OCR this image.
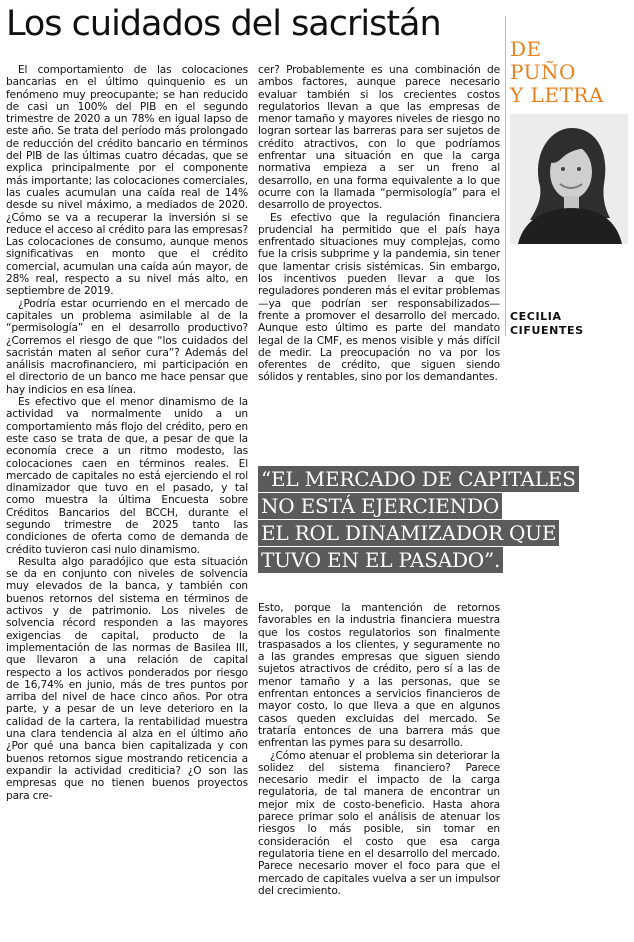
Los cuidados del sacristán

El comportamiento de las colocaciones bancarias en el último quinquenio es un fenómeno muy preocupante; se han reducido de casi un 100% del PIB en el segundo trimestre de 2020 a un 78% en igual lapso de este año. Se trata del período más prolongado de reducción del crédito bancario en términos del PIB de las últimas cuatro décadas, que se explica principalmente por el componente más importante; las colocaciones comerciales, las cuales acumulan una caída real de 14% desde su nivel máximo, a mediados de 2020. ¿Cómo se va a recuperar la inversión si se reduce el acceso al crédito para las empresas? Las colocaciones de consumo, aunque menos significativas en monto que el crédito comercial, acumulan una caída aún mayor, de 28% real, respecto a su nivel más alto, en septiembre de 2019.

¿Podría estar ocurriendo en el mercado de capitales un problema asimilable al de la “permisología” en el desarrollo productivo? ¿Corremos el riesgo de que “los cuidados del sacristán maten al señor cura”? Además del análisis macrofinanciero, mi participación en el directorio de un banco me hace pensar que hay indicios en esa línea.

Es efectivo que el menor dinamismo de la actividad va normalmente unido a un comportamiento más flojo del crédito, pero en este caso se trata de que, a pesar de que la economía crece a un ritmo modesto, las colocaciones caen en términos reales. El mercado de capitales no está ejerciendo el rol dinamizador que tuvo en el pasado, y tal como muestra la última Encuesta sobre Créditos Bancarios del BCCH, durante el segundo trimestre de 2025 tanto las condiciones de oferta como de demanda de crédito tuvieron casi nulo dinamismo.

Resulta algo paradójico que esta situación se da en conjunto con niveles de solvencia muy elevados de la banca, y también con buenos retornos del sistema en términos de activos y de patrimonio. Los niveles de solvencia récord responden a las mayores exigencias de capital, producto de la implementación de las normas de Basilea III, que llevaron a una relación de capital respecto a los activos ponderados por riesgo de 16,74% en junio, más de tres puntos por arriba del nivel de hace cinco años. Por otra parte, y a pesar de un leve deterioro en la calidad de la cartera, la rentabilidad muestra una clara tendencia al alza en el último año ¿Por qué una banca bien capitalizada y con buenos retornos sigue mostrando reticencia a expandir la actividad crediticia? ¿O son las empresas que no tienen buenos proyectos para cre-

cer? Probablemente es una combinación de ambos factores, aunque parece necesario evaluar también si los crecientes costos regulatorios llevan a que las empresas de menor tamaño y mayores niveles de riesgo no logran sortear las barreras para ser sujetos de crédito atractivos, con lo que podríamos enfrentar una situación en que la carga normativa empieza a ser un freno al desarrollo, en una forma equivalente a lo que ocurre con la llamada “permisología” para el desarrollo de proyectos.

Es efectivo que la regulación financiera prudencial ha permitido que el país haya enfrentado situaciones muy complejas, como fue la crisis subprime y la pandemia, sin tener que lamentar crisis sistémicas. Sin embargo, los incentivos pueden llevar a que los reguladores ponderen más el evitar problemas —ya que podrían ser responsabilizados— frente a promover el desarrollo del mercado. Aunque esto último es parte del mandato legal de la CMF, es menos visible y más difícil de medir. La preocupación no va por los oferentes de crédito, que siguen siendo sólidos y rentables, sino por los demandantes.

“EL MERCADO DE CAPITALES
NO ESTÁ EJERCIENDO
EL ROL DINAMIZADOR QUE
TUVO EN EL PASADO”.

Esto, porque la mantención de retornos favorables en la industria financiera muestra que los costos regulatorios son finalmente traspasados a los clientes, y seguramente no a las grandes empresas que siguen siendo sujetos atractivos de crédito, pero sí a las de menor tamaño y a las personas, que se enfrentan entonces a servicios financieros de mayor costo, lo que lleva a que en algunos casos queden excluidas del mercado. Se trataría entonces de una barrera más que enfrentan las pymes para su desarrollo.

¿Cómo atenuar el problema sin deteriorar la solidez del sistema financiero? Parece necesario medir el impacto de la carga regulatoria, de tal manera de encontrar un mejor mix de costo-beneficio. Hasta ahora parece primar solo el análisis de atenuar los riesgos lo más posible, sin tomar en consideración el costo que esa carga regulatoria tiene en el desarrollo del mercado. Parece necesario mover el foco para que el mercado de capitales vuelva a ser un impulsor del crecimiento.

DE
PUÑO
Y LETRA
CECILIA
CIFUENTES
